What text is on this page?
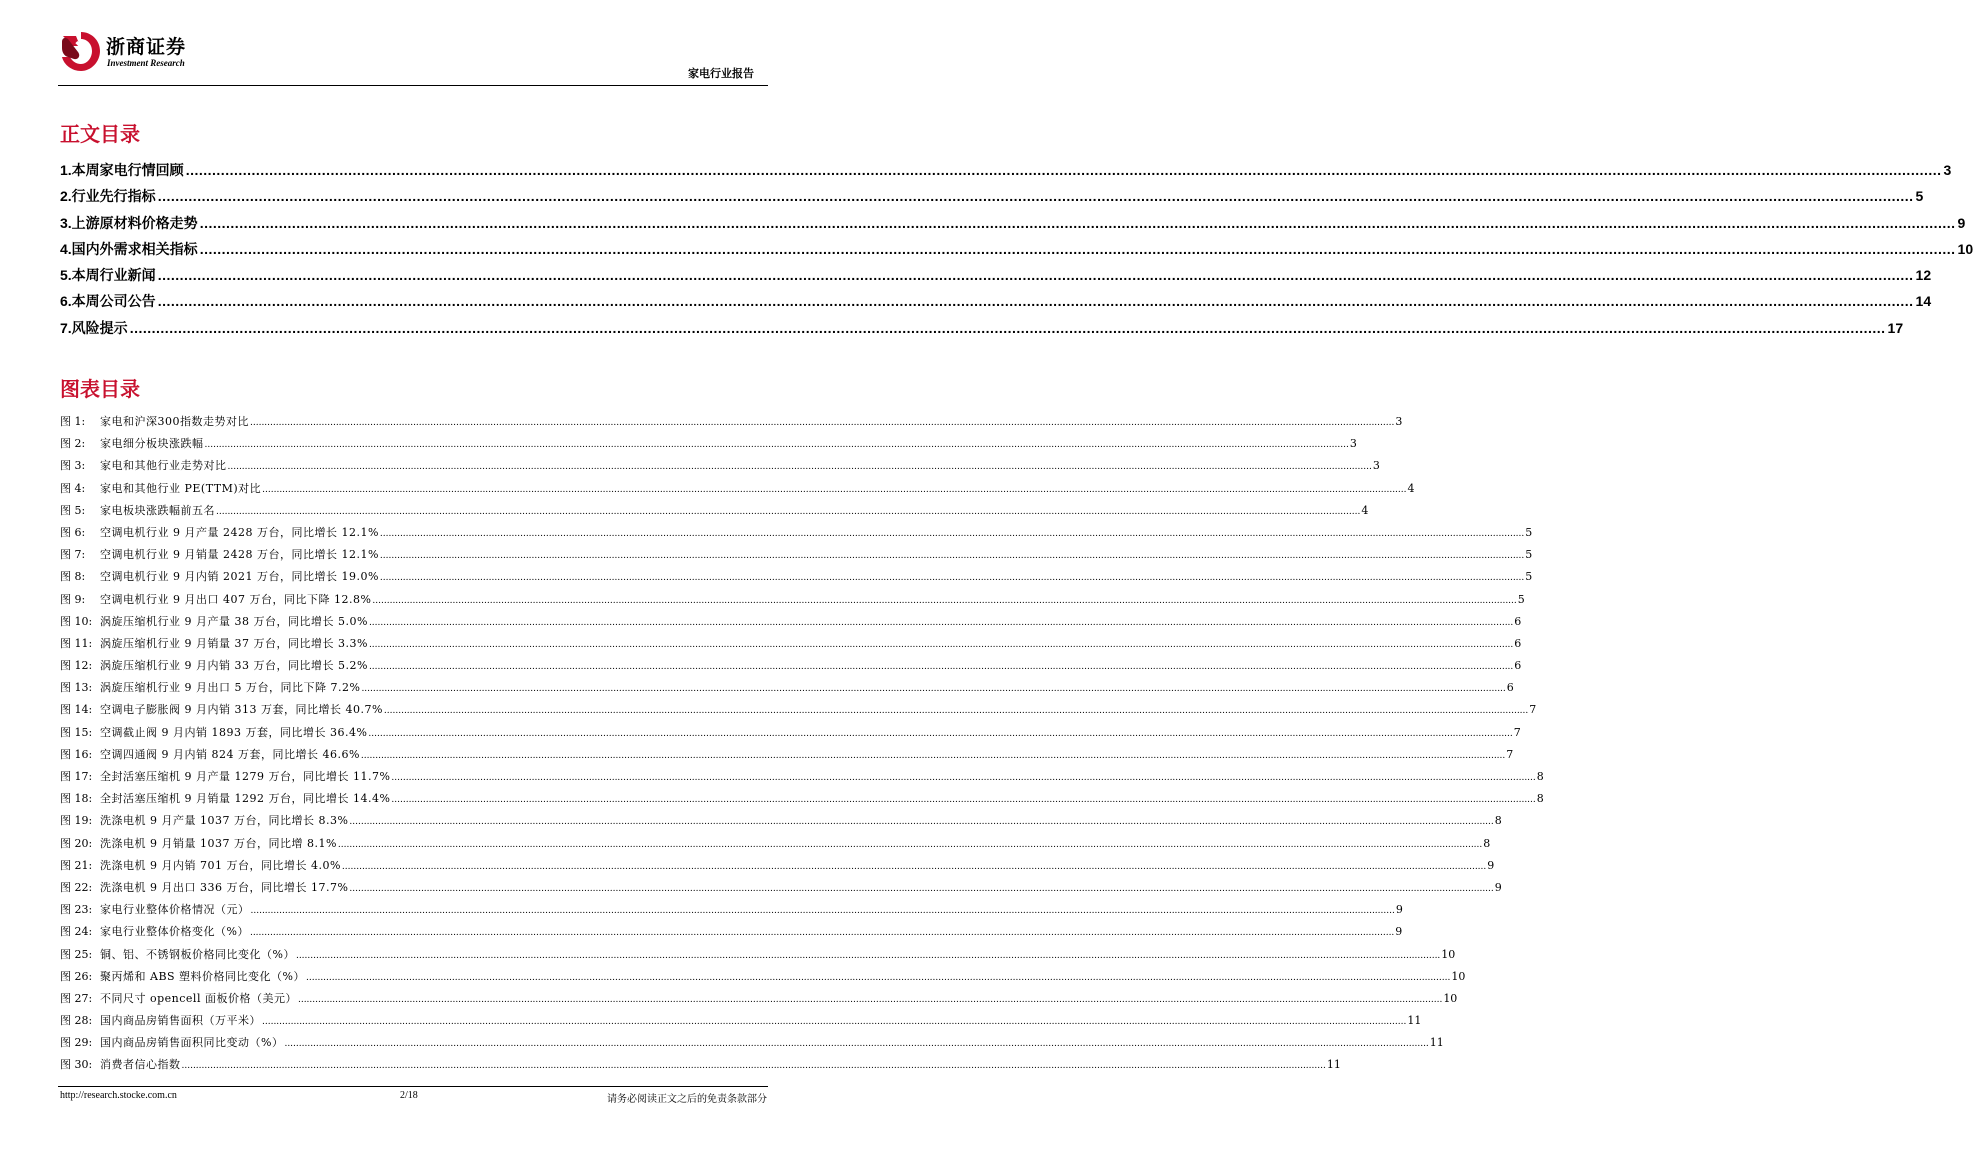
浙商证券
Investment Research
家电行业报告
正文目录
1.本周家电行情回顾 ................................................................................................................................................................................................................................................................................................................................................................................................................ 3
2.行业先行指标 ................................................................................................................................................................................................................................................................................................................................................................................................................ 5
3.上游原材料价格走势 ................................................................................................................................................................................................................................................................................................................................................................................................................ 9
4.国内外需求相关指标 ................................................................................................................................................................................................................................................................................................................................................................................................................ 10
5.本周行业新闻 ................................................................................................................................................................................................................................................................................................................................................................................................................ 12
6.本周公司公告 ................................................................................................................................................................................................................................................................................................................................................................................................................ 14
7.风险提示 ................................................................................................................................................................................................................................................................................................................................................................................................................ 17
图表目录
图 1:	家电和沪深300指数走势对比 ................................................................................................................................................................................................................................................................................................................................................................................................................ 3
图 2:	家电细分板块涨跌幅 ................................................................................................................................................................................................................................................................................................................................................................................................................ 3
图 3:	家电和其他行业走势对比 ................................................................................................................................................................................................................................................................................................................................................................................................................ 3
图 4:	家电和其他行业 PE(TTM)对比 ................................................................................................................................................................................................................................................................................................................................................................................................................ 4
图 5:	家电板块涨跌幅前五名 ................................................................................................................................................................................................................................................................................................................................................................................................................ 4
图 6:	空调电机行业 9 月产量 2428 万台，同比增长 12.1% ................................................................................................................................................................................................................................................................................................................................................................................................................ 5
图 7:	空调电机行业 9 月销量 2428 万台，同比增长 12.1% ................................................................................................................................................................................................................................................................................................................................................................................................................ 5
图 8:	空调电机行业 9 月内销 2021 万台，同比增长 19.0% ................................................................................................................................................................................................................................................................................................................................................................................................................ 5
图 9:	空调电机行业 9 月出口 407 万台，同比下降 12.8% ................................................................................................................................................................................................................................................................................................................................................................................................................ 5
图 10: 涡旋压缩机行业 9 月产量 38 万台，同比增长 5.0% ................................................................................................................................................................................................................................................................................................................................................................................................................ 6
图 11: 涡旋压缩机行业 9 月销量 37 万台，同比增长 3.3% ................................................................................................................................................................................................................................................................................................................................................................................................................ 6
图 12: 涡旋压缩机行业 9 月内销 33 万台，同比增长 5.2% ................................................................................................................................................................................................................................................................................................................................................................................................................ 6
图 13: 涡旋压缩机行业 9 月出口 5 万台，同比下降 7.2% ................................................................................................................................................................................................................................................................................................................................................................................................................ 6
图 14: 空调电子膨胀阀 9 月内销 313 万套，同比增长 40.7% ................................................................................................................................................................................................................................................................................................................................................................................................................ 7
图 15: 空调截止阀 9 月内销 1893 万套，同比增长 36.4% ................................................................................................................................................................................................................................................................................................................................................................................................................ 7
图 16: 空调四通阀 9 月内销 824 万套，同比增长 46.6% ................................................................................................................................................................................................................................................................................................................................................................................................................ 7
图 17: 全封活塞压缩机 9 月产量 1279 万台，同比增长 11.7% ................................................................................................................................................................................................................................................................................................................................................................................................................ 8
图 18: 全封活塞压缩机 9 月销量 1292 万台，同比增长 14.4% ................................................................................................................................................................................................................................................................................................................................................................................................................ 8
图 19: 洗涤电机 9 月产量 1037 万台，同比增长 8.3% ................................................................................................................................................................................................................................................................................................................................................................................................................ 8
图 20: 洗涤电机 9 月销量 1037 万台，同比增 8.1% ................................................................................................................................................................................................................................................................................................................................................................................................................ 8
图 21: 洗涤电机 9 月内销 701 万台，同比增长 4.0% ................................................................................................................................................................................................................................................................................................................................................................................................................ 9
图 22: 洗涤电机 9 月出口 336 万台，同比增长 17.7% ................................................................................................................................................................................................................................................................................................................................................................................................................ 9
图 23: 家电行业整体价格情况（元） ................................................................................................................................................................................................................................................................................................................................................................................................................ 9
图 24: 家电行业整体价格变化（%） ................................................................................................................................................................................................................................................................................................................................................................................................................ 9
图 25: 铜、铝、不锈钢板价格同比变化（%） ................................................................................................................................................................................................................................................................................................................................................................................................................ 10
图 26: 聚丙烯和 ABS 塑料价格同比变化（%） ................................................................................................................................................................................................................................................................................................................................................................................................................ 10
图 27: 不同尺寸 opencell 面板价格（美元） ................................................................................................................................................................................................................................................................................................................................................................................................................ 10
图 28: 国内商品房销售面积（万平米） ................................................................................................................................................................................................................................................................................................................................................................................................................ 11
图 29: 国内商品房销售面积同比变动（%） ................................................................................................................................................................................................................................................................................................................................................................................................................ 11
图 30: 消费者信心指数 ................................................................................................................................................................................................................................................................................................................................................................................................................ 11
http://research.stocke.com.cn	2/18	请务必阅读正文之后的免责条款部分
